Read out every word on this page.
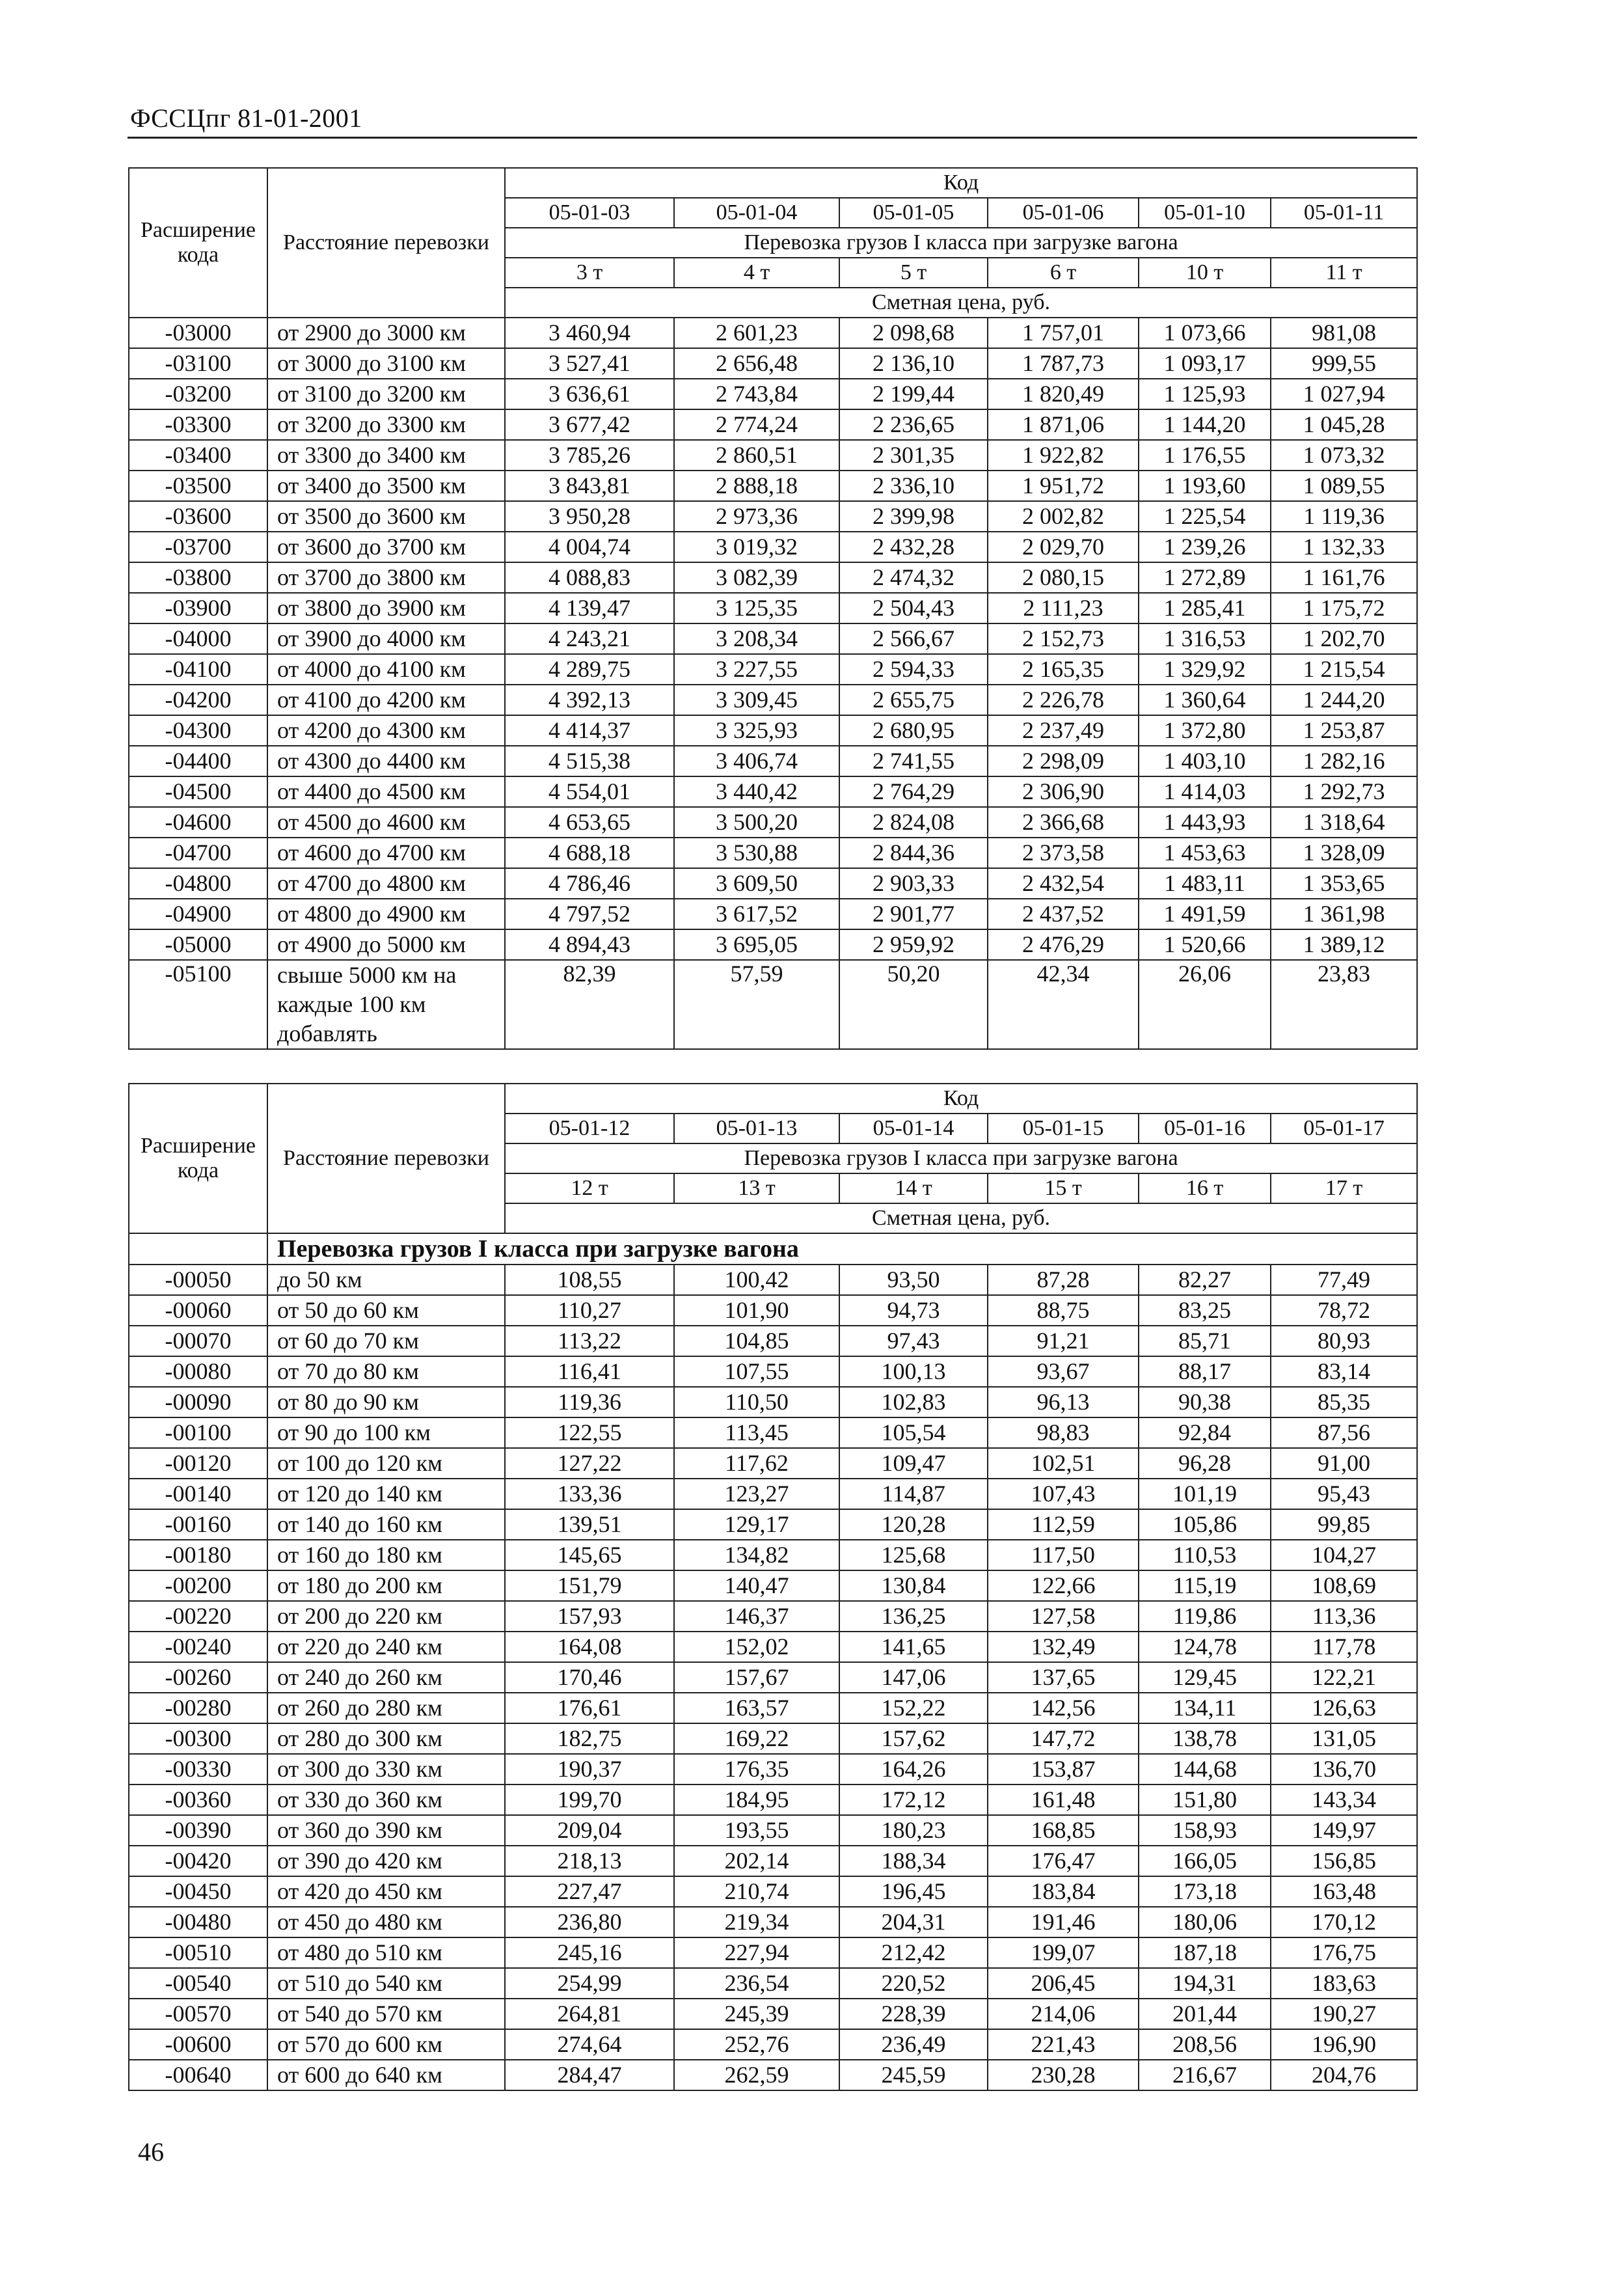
ФССЦпг 81-01-2001
Расширение кода	Расстояние перевозки	Код					
		05-01-03	05-01-04	05-01-05	05-01-06	05-01-10	05-01-11
		Перевозка грузов I класса при загрузке вагона					
		3 т	4 т	5 т	6 т	10 т	11 т
		Сметная цена, руб.					
-03000	от 2900 до 3000 км	3 460,94	2 601,23	2 098,68	1 757,01	1 073,66	981,08
-03100	от 3000 до 3100 км	3 527,41	2 656,48	2 136,10	1 787,73	1 093,17	999,55
-03200	от 3100 до 3200 км	3 636,61	2 743,84	2 199,44	1 820,49	1 125,93	1 027,94
-03300	от 3200 до 3300 км	3 677,42	2 774,24	2 236,65	1 871,06	1 144,20	1 045,28
-03400	от 3300 до 3400 км	3 785,26	2 860,51	2 301,35	1 922,82	1 176,55	1 073,32
-03500	от 3400 до 3500 км	3 843,81	2 888,18	2 336,10	1 951,72	1 193,60	1 089,55
-03600	от 3500 до 3600 км	3 950,28	2 973,36	2 399,98	2 002,82	1 225,54	1 119,36
-03700	от 3600 до 3700 км	4 004,74	3 019,32	2 432,28	2 029,70	1 239,26	1 132,33
-03800	от 3700 до 3800 км	4 088,83	3 082,39	2 474,32	2 080,15	1 272,89	1 161,76
-03900	от 3800 до 3900 км	4 139,47	3 125,35	2 504,43	2 111,23	1 285,41	1 175,72
-04000	от 3900 до 4000 км	4 243,21	3 208,34	2 566,67	2 152,73	1 316,53	1 202,70
-04100	от 4000 до 4100 км	4 289,75	3 227,55	2 594,33	2 165,35	1 329,92	1 215,54
-04200	от 4100 до 4200 км	4 392,13	3 309,45	2 655,75	2 226,78	1 360,64	1 244,20
-04300	от 4200 до 4300 км	4 414,37	3 325,93	2 680,95	2 237,49	1 372,80	1 253,87
-04400	от 4300 до 4400 км	4 515,38	3 406,74	2 741,55	2 298,09	1 403,10	1 282,16
-04500	от 4400 до 4500 км	4 554,01	3 440,42	2 764,29	2 306,90	1 414,03	1 292,73
-04600	от 4500 до 4600 км	4 653,65	3 500,20	2 824,08	2 366,68	1 443,93	1 318,64
-04700	от 4600 до 4700 км	4 688,18	3 530,88	2 844,36	2 373,58	1 453,63	1 328,09
-04800	от 4700 до 4800 км	4 786,46	3 609,50	2 903,33	2 432,54	1 483,11	1 353,65
-04900	от 4800 до 4900 км	4 797,52	3 617,52	2 901,77	2 437,52	1 491,59	1 361,98
-05000	от 4900 до 5000 км	4 894,43	3 695,05	2 959,92	2 476,29	1 520,66	1 389,12
-05100	свыше 5000 км на каждые 100 км добавлять	82,39	57,59	50,20	42,34	26,06	23,83
Расширение кода	Расстояние перевозки	Код					
		05-01-12	05-01-13	05-01-14	05-01-15	05-01-16	05-01-17
		Перевозка грузов I класса при загрузке вагона					
		12 т	13 т	14 т	15 т	16 т	17 т
		Сметная цена, руб.					
	Перевозка грузов I класса при загрузке вагона						
-00050	до 50 км	108,55	100,42	93,50	87,28	82,27	77,49
-00060	от 50 до 60 км	110,27	101,90	94,73	88,75	83,25	78,72
-00070	от 60 до 70 км	113,22	104,85	97,43	91,21	85,71	80,93
-00080	от 70 до 80 км	116,41	107,55	100,13	93,67	88,17	83,14
-00090	от 80 до 90 км	119,36	110,50	102,83	96,13	90,38	85,35
-00100	от 90 до 100 км	122,55	113,45	105,54	98,83	92,84	87,56
-00120	от 100 до 120 км	127,22	117,62	109,47	102,51	96,28	91,00
-00140	от 120 до 140 км	133,36	123,27	114,87	107,43	101,19	95,43
-00160	от 140 до 160 км	139,51	129,17	120,28	112,59	105,86	99,85
-00180	от 160 до 180 км	145,65	134,82	125,68	117,50	110,53	104,27
-00200	от 180 до 200 км	151,79	140,47	130,84	122,66	115,19	108,69
-00220	от 200 до 220 км	157,93	146,37	136,25	127,58	119,86	113,36
-00240	от 220 до 240 км	164,08	152,02	141,65	132,49	124,78	117,78
-00260	от 240 до 260 км	170,46	157,67	147,06	137,65	129,45	122,21
-00280	от 260 до 280 км	176,61	163,57	152,22	142,56	134,11	126,63
-00300	от 280 до 300 км	182,75	169,22	157,62	147,72	138,78	131,05
-00330	от 300 до 330 км	190,37	176,35	164,26	153,87	144,68	136,70
-00360	от 330 до 360 км	199,70	184,95	172,12	161,48	151,80	143,34
-00390	от 360 до 390 км	209,04	193,55	180,23	168,85	158,93	149,97
-00420	от 390 до 420 км	218,13	202,14	188,34	176,47	166,05	156,85
-00450	от 420 до 450 км	227,47	210,74	196,45	183,84	173,18	163,48
-00480	от 450 до 480 км	236,80	219,34	204,31	191,46	180,06	170,12
-00510	от 480 до 510 км	245,16	227,94	212,42	199,07	187,18	176,75
-00540	от 510 до 540 км	254,99	236,54	220,52	206,45	194,31	183,63
-00570	от 540 до 570 км	264,81	245,39	228,39	214,06	201,44	190,27
-00600	от 570 до 600 км	274,64	252,76	236,49	221,43	208,56	196,90
-00640	от 600 до 640 км	284,47	262,59	245,59	230,28	216,67	204,76
46
